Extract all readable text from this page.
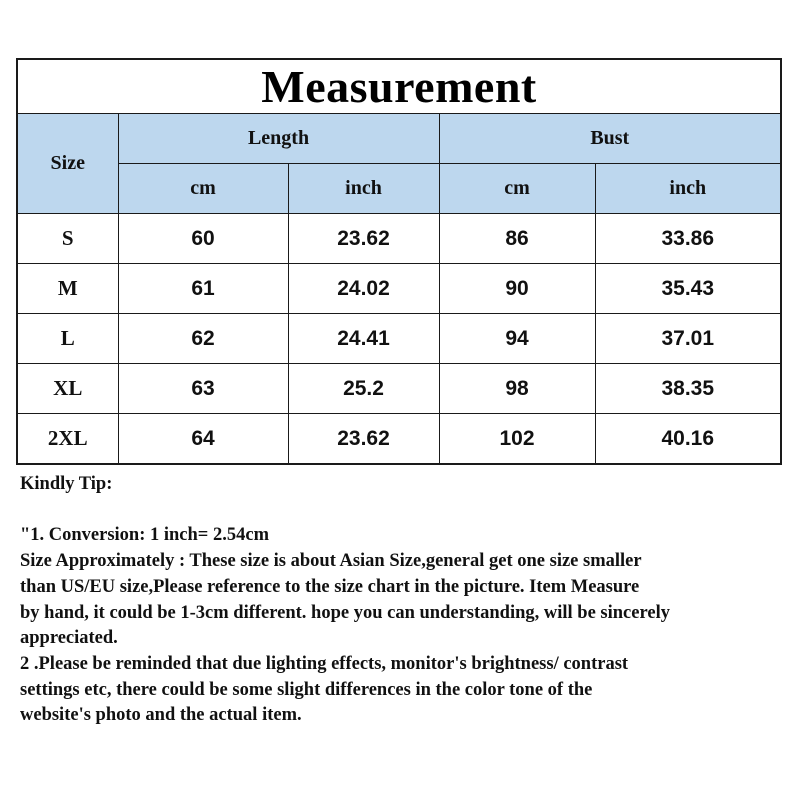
Measurement				
Size	Length		Bust	
	cm	inch	cm	inch
S	60	23.62	86	33.86
M	61	24.02	90	35.43
L	62	24.41	94	37.01
XL	63	25.2	98	38.35
2XL	64	23.62	102	40.16

Kindly Tip:

"1. Conversion: 1 inch= 2.54cm

Size Approximately : These size is about Asian Size,general get one size smaller

than US/EU size,Please reference to the size chart in the picture. Item Measure

by hand, it could be 1-3cm different. hope you can understanding, will be sincerely

appreciated.

2 .Please be reminded that due lighting effects, monitor's brightness/ contrast

settings etc, there could be some slight differences in the color tone of the

website's photo and the actual item.
